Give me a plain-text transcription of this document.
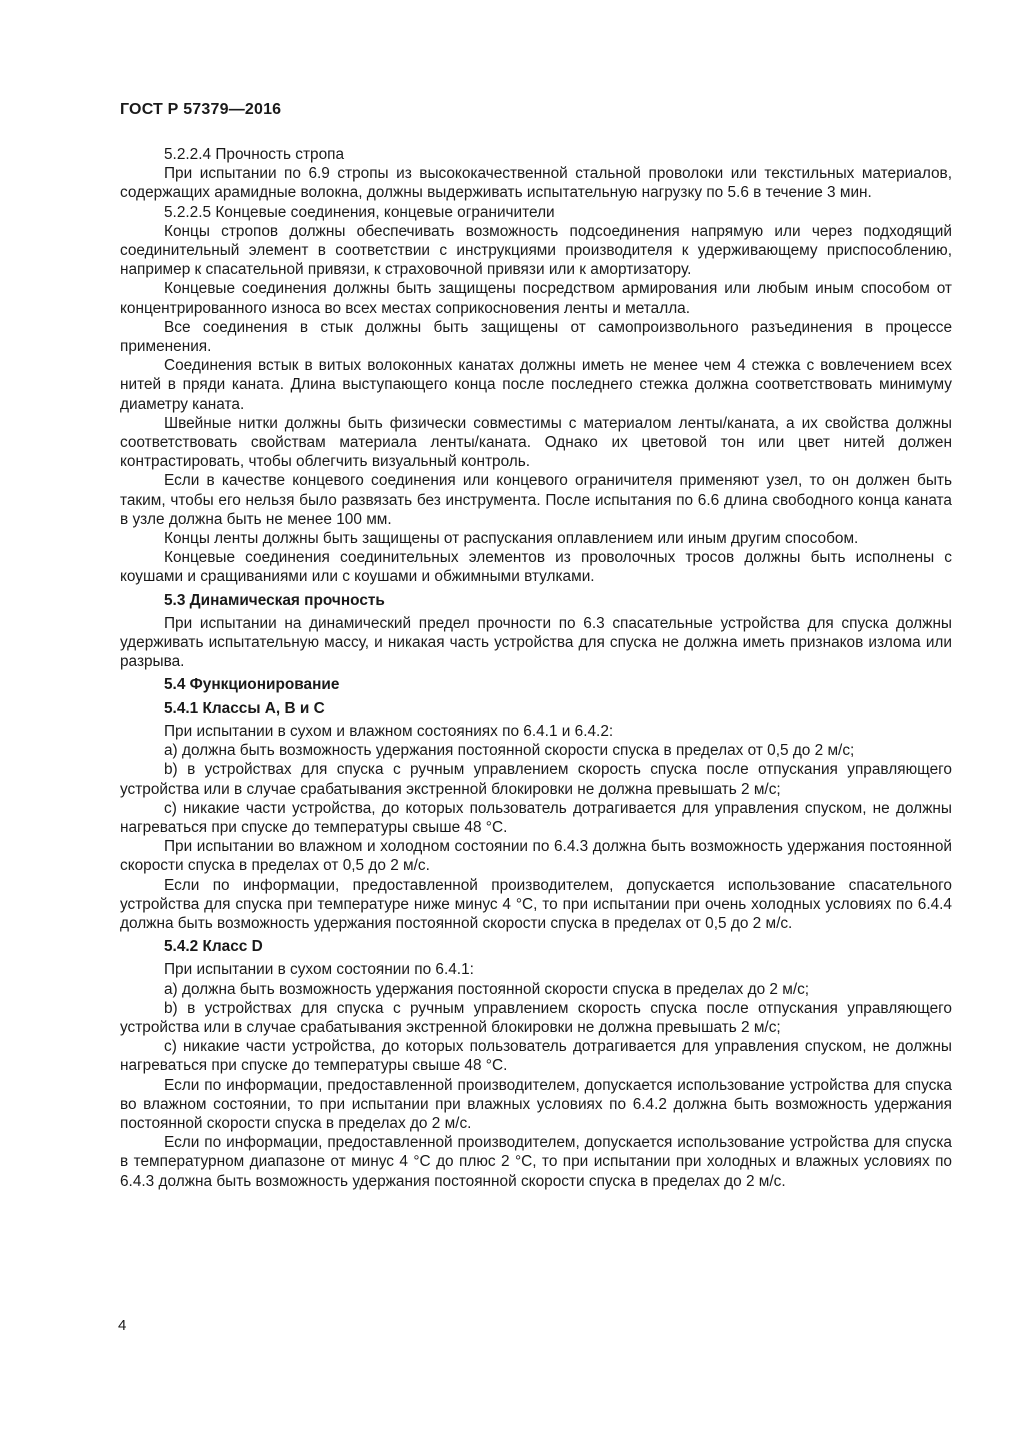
ГОСТ Р 57379—2016

5.2.2.4 Прочность стропа

При испытании по 6.9 стропы из высококачественной стальной проволоки или текстильных материалов, содержащих арамидные волокна, должны выдерживать испытательную нагрузку по 5.6 в течение 3 мин.

5.2.2.5 Концевые соединения, концевые ограничители

Концы стропов должны обеспечивать возможность подсоединения напрямую или через подходящий соединительный элемент в соответствии с инструкциями производителя к удерживающему приспособлению, например к спасательной привязи, к страховочной привязи или к амортизатору.

Концевые соединения должны быть защищены посредством армирования или любым иным способом от концентрированного износа во всех местах соприкосновения ленты и металла.

Все соединения в стык должны быть защищены от самопроизвольного разъединения в процессе применения.

Соединения встык в витых волоконных канатах должны иметь не менее чем 4 стежка с вовлечением всех нитей в пряди каната. Длина выступающего конца после последнего стежка должна соответствовать минимуму диаметру каната.

Швейные нитки должны быть физически совместимы с материалом ленты/каната, а их свойства должны соответствовать свойствам материала ленты/каната. Однако их цветовой тон или цвет нитей должен контрастировать, чтобы облегчить визуальный контроль.

Если в качестве концевого соединения или концевого ограничителя применяют узел, то он должен быть таким, чтобы его нельзя было развязать без инструмента. После испытания по 6.6 длина свободного конца каната в узле должна быть не менее 100 мм.

Концы ленты должны быть защищены от распускания оплавлением или иным другим способом.

Концевые соединения соединительных элементов из проволочных тросов должны быть исполнены с коушами и сращиваниями или с коушами и обжимными втулками.

5.3 Динамическая прочность

При испытании на динамический предел прочности по 6.3 спасательные устройства для спуска должны удерживать испытательную массу, и никакая часть устройства для спуска не должна иметь признаков излома или разрыва.

5.4 Функционирование

5.4.1 Классы А, В и С

При испытании в сухом и влажном состояниях по 6.4.1 и 6.4.2:

a) должна быть возможность удержания постоянной скорости спуска в пределах от 0,5 до 2 м/с;

b) в устройствах для спуска с ручным управлением скорость спуска после отпускания управляющего устройства или в случае срабатывания экстренной блокировки не должна превышать 2 м/с;

c) никакие части устройства, до которых пользователь дотрагивается для управления спуском, не должны нагреваться при спуске до температуры свыше 48 °С.

При испытании во влажном и холодном состоянии по 6.4.3 должна быть возможность удержания постоянной скорости спуска в пределах от 0,5 до 2 м/с.

Если по информации, предоставленной производителем, допускается использование спасательного устройства для спуска при температуре ниже минус 4 °С, то при испытании при очень холодных условиях по 6.4.4 должна быть возможность удержания постоянной скорости спуска в пределах от 0,5 до 2 м/с.

5.4.2 Класс D

При испытании в сухом состоянии по 6.4.1:

a) должна быть возможность удержания постоянной скорости спуска в пределах до 2 м/с;

b) в устройствах для спуска с ручным управлением скорость спуска после отпускания управляющего устройства или в случае срабатывания экстренной блокировки не должна превышать 2 м/с;

c) никакие части устройства, до которых пользователь дотрагивается для управления спуском, не должны нагреваться при спуске до температуры свыше 48 °С.

Если по информации, предоставленной производителем, допускается использование устройства для спуска во влажном состоянии, то при испытании при влажных условиях по 6.4.2 должна быть возможность удержания постоянной скорости спуска в пределах до 2 м/с.

Если по информации, предоставленной производителем, допускается использование устройства для спуска в температурном диапазоне от минус 4 °С до плюс 2 °С, то при испытании при холодных и влажных условиях по 6.4.3 должна быть возможность удержания постоянной скорости спуска в пределах до 2 м/с.

4
